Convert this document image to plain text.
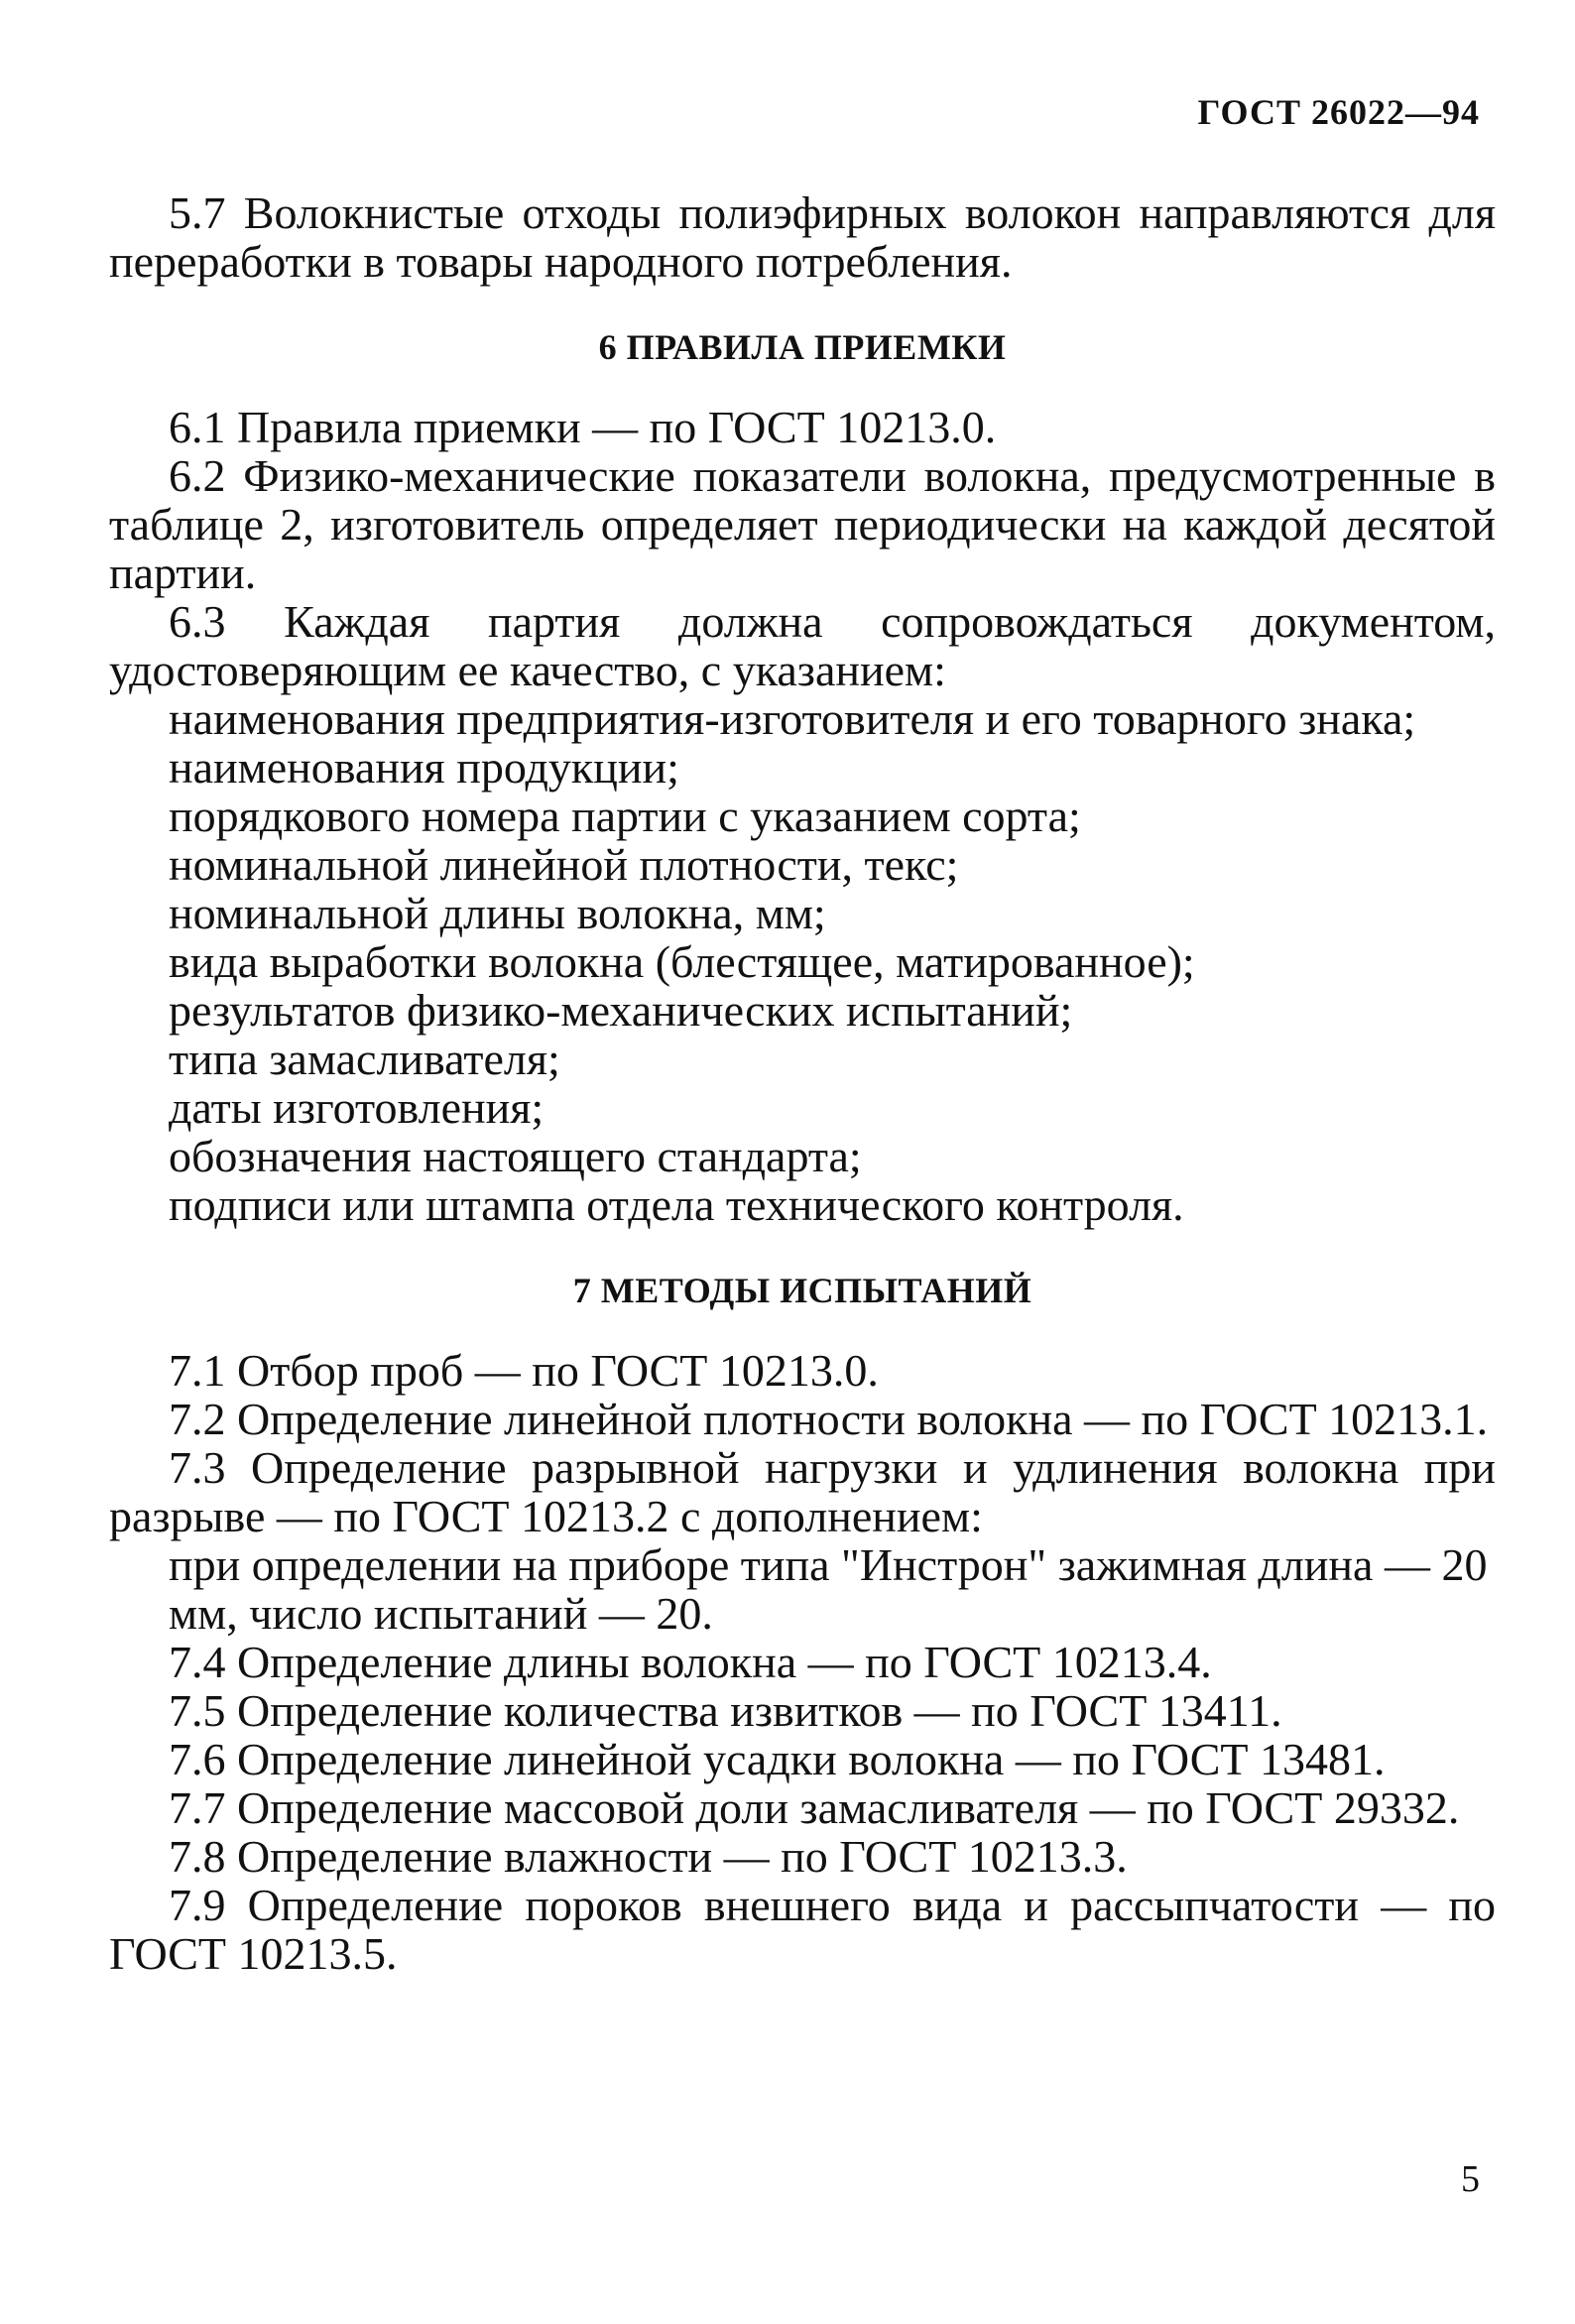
ГОСТ 26022—94

5.7 Волокнистые отходы полиэфирных волокон направляются для переработки в товары народного потребления.

6 ПРАВИЛА ПРИЕМКИ

6.1 Правила приемки — по ГОСТ 10213.0.

6.2 Физико-механические показатели волокна, предусмотренные в таблице 2, изготовитель определяет периодически на каждой десятой партии.

6.3 Каждая партия должна сопровождаться документом, удостоверяющим ее качество, с указанием:

наименования предприятия-изготовителя и его товарного знака;
наименования продукции;
порядкового номера партии с указанием сорта;
номинальной линейной плотности, текс;
номинальной длины волокна, мм;
вида выработки волокна (блестящее, матированное);
результатов физико-механических испытаний;
типа замасливателя;
даты изготовления;
обозначения настоящего стандарта;
подписи или штампа отдела технического контроля.
7 МЕТОДЫ ИСПЫТАНИЙ

7.1 Отбор проб — по ГОСТ 10213.0.

7.2 Определение линейной плотности волокна — по ГОСТ 10213.1.

7.3 Определение разрывной нагрузки и удлинения волокна при разрыве — по ГОСТ 10213.2 с дополнением:

при определении на приборе типа "Инстрон" зажимная длина — 20 мм, число испытаний — 20.

7.4 Определение длины волокна — по ГОСТ 10213.4.

7.5 Определение количества извитков — по ГОСТ 13411.

7.6 Определение линейной усадки волокна — по ГОСТ 13481.

7.7 Определение массовой доли замасливателя — по ГОСТ 29332.

7.8 Определение влажности — по ГОСТ 10213.3.

7.9 Определение пороков внешнего вида и рассыпчатости — по ГОСТ 10213.5.

5
